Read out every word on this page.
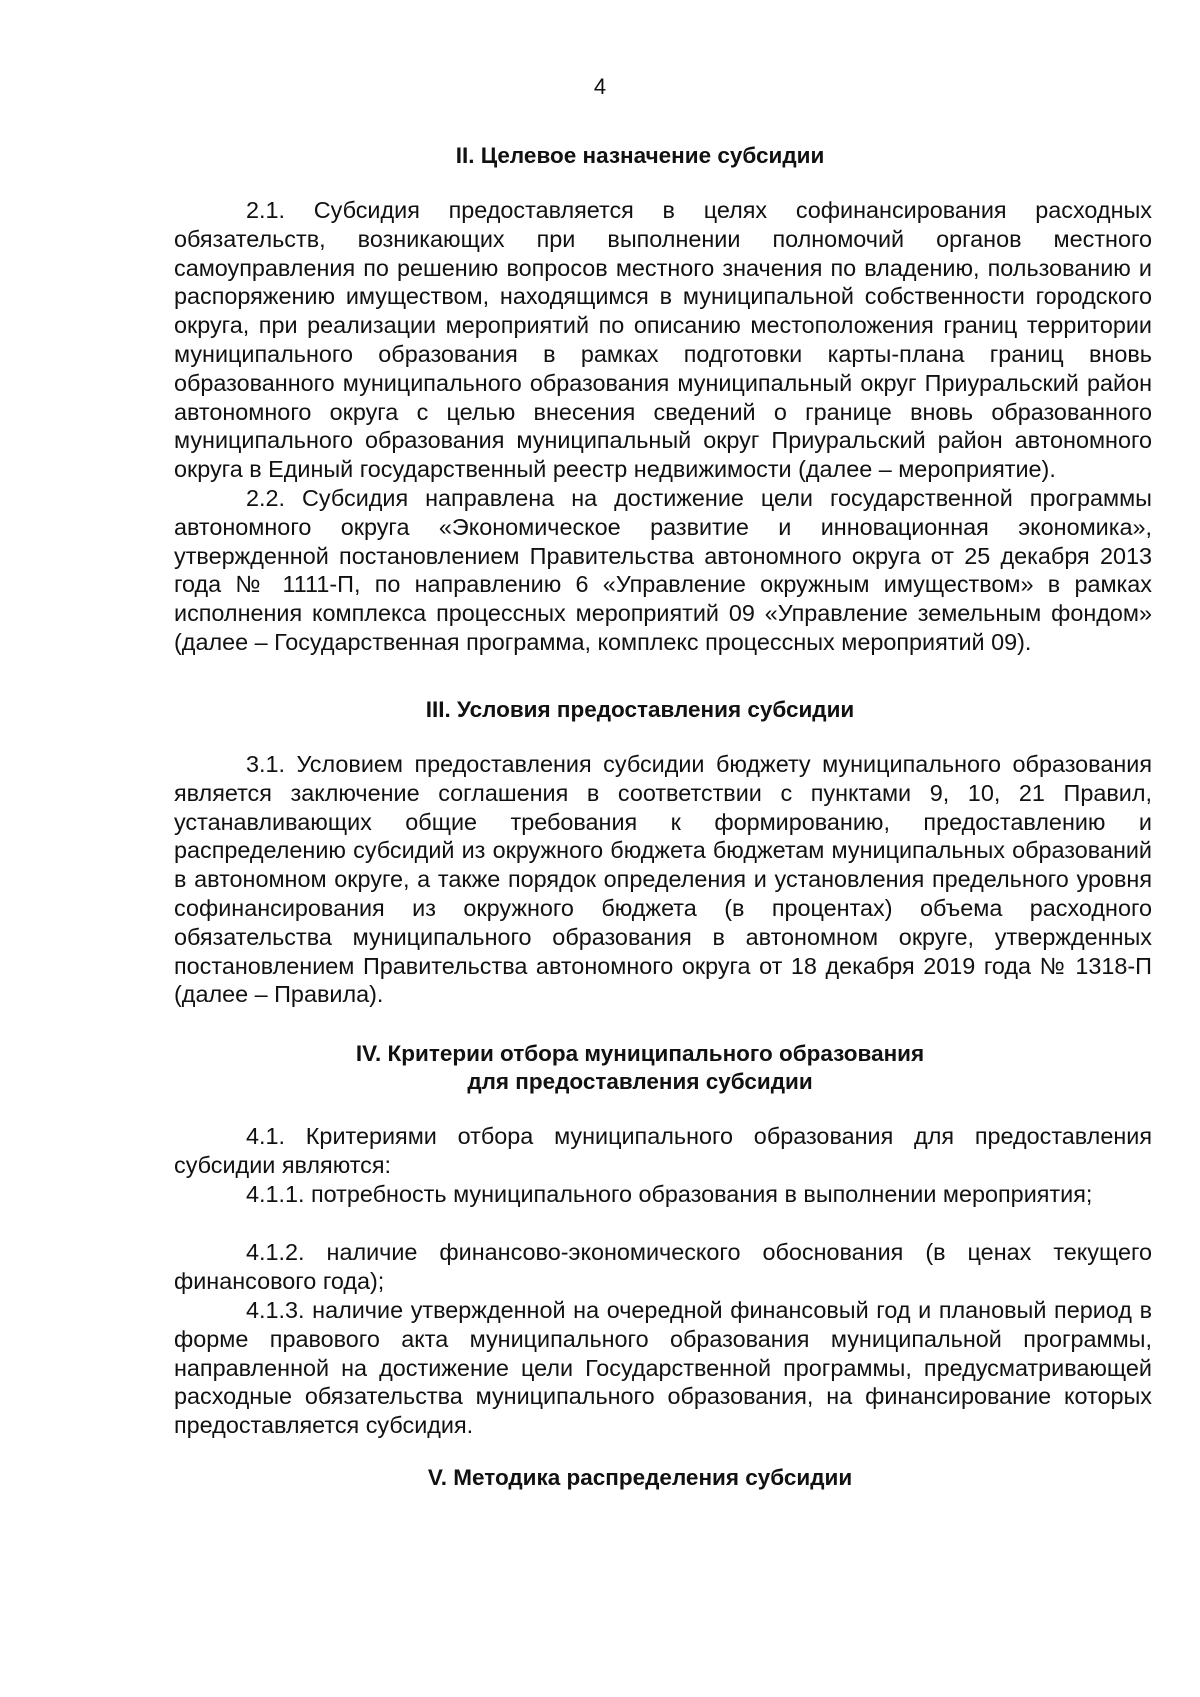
4
II. Целевое назначение субсидии

2.1. Субсидия предоставляется в целях софинансирования расходных обязательств, возникающих при выполнении полномочий органов местного самоуправления по решению вопросов местного значения по владению, пользованию и распоряжению имуществом, находящимся в муниципальной собственности городского округа, при реализации мероприятий по описанию местоположения границ территории муниципального образования в рамках подготовки карты-плана границ вновь образованного муниципального образования муниципальный округ Приуральский район автономного округа с целью внесения сведений о границе вновь образованного муниципального образования муниципальный округ Приуральский район автономного округа в Единый государственный реестр недвижимости (далее – мероприятие).

2.2. Субсидия направлена на достижение цели государственной программы автономного округа «Экономическое развитие и инновационная экономика», утвержденной постановлением Правительства автономного округа от 25 декабря 2013 года № 1111-П, по направлению 6 «Управление окружным имуществом» в рамках исполнения комплекса процессных мероприятий 09 «Управление земельным фондом» (далее – Государственная программа, комплекс процессных мероприятий 09).

III. Условия предоставления субсидии

3.1. Условием предоставления субсидии бюджету муниципального образования является заключение соглашения в соответствии с пунктами 9, 10, 21 Правил, устанавливающих общие требования к формированию, предоставлению и распределению субсидий из окружного бюджета бюджетам муниципальных образований в автономном округе, а также порядок определения и установления предельного уровня софинансирования из окружного бюджета (в процентах) объема расходного обязательства муниципального образования в автономном округе, утвержденных постановлением Правительства автономного округа от 18 декабря 2019 года № 1318-П (далее – Правила).

IV. Критерии отбора муниципального образования
для предоставления субсидии

4.1. Критериями отбора муниципального образования для предоставления субсидии являются:

4.1.1. потребность муниципального образования в выполнении мероприятия;

4.1.2. наличие финансово-экономического обоснования (в ценах текущего финансового года);

4.1.3. наличие утвержденной на очередной финансовый год и плановый период в форме правового акта муниципального образования муниципальной программы, направленной на достижение цели Государственной программы, предусматривающей расходные обязательства муниципального образования, на финансирование которых предоставляется субсидия.

V. Методика распределения субсидии
